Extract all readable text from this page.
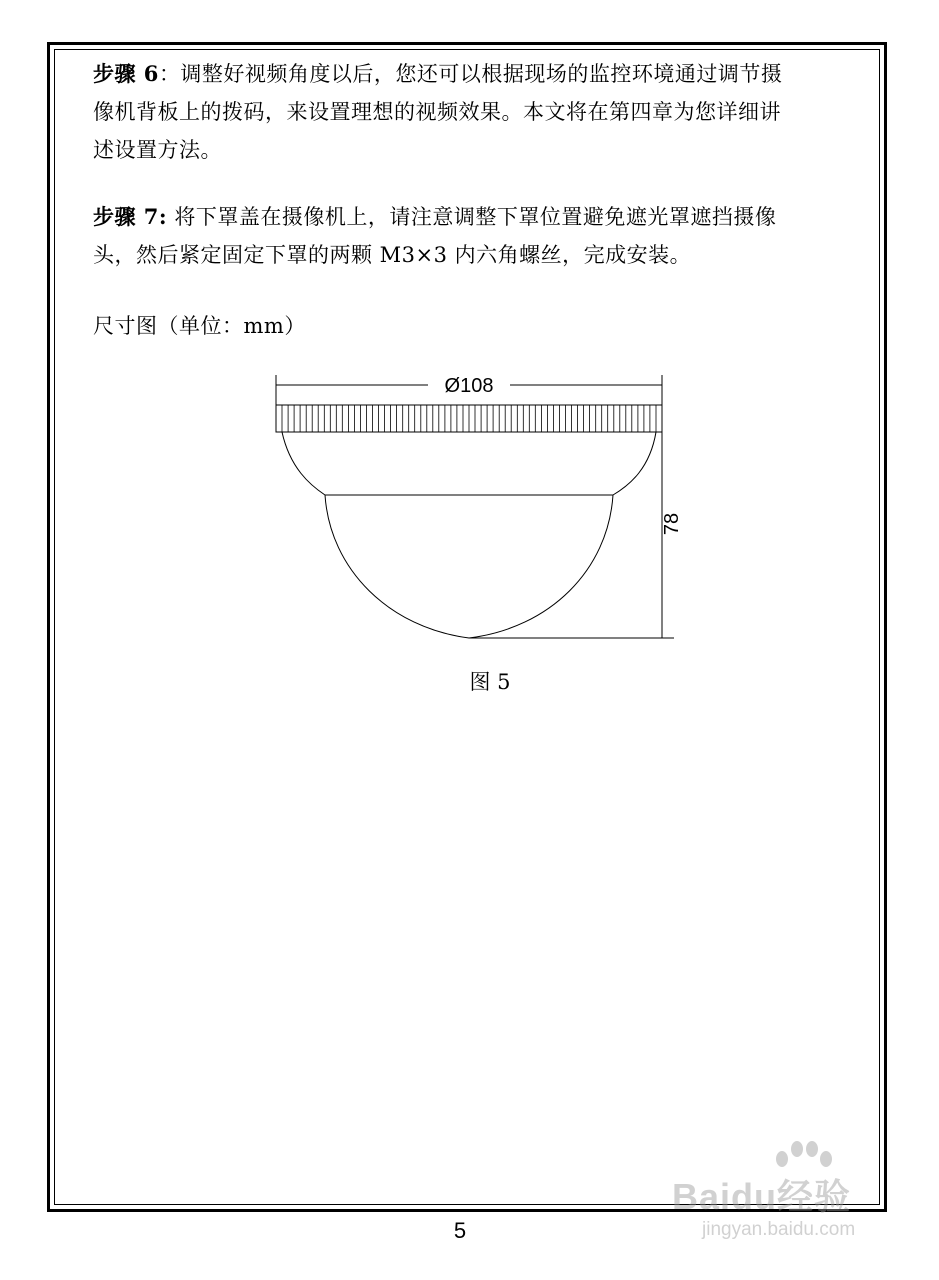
步骤 6：调整好视频角度以后，您还可以根据现场的监控环境通过调节摄
像机背板上的拨码，来设置理想的视频效果。本文将在第四章为您详细讲
述设置方法。

步骤 7: 将下罩盖在摄像机上，请注意调整下罩位置避免遮光罩遮挡摄像
头，然后紧定固定下罩的两颗 M3×3 内六角螺丝，完成安装。

尺寸图（单位：mm）

Ø108
78
图 5
5
Baidu经验
jingyan.baidu.com
